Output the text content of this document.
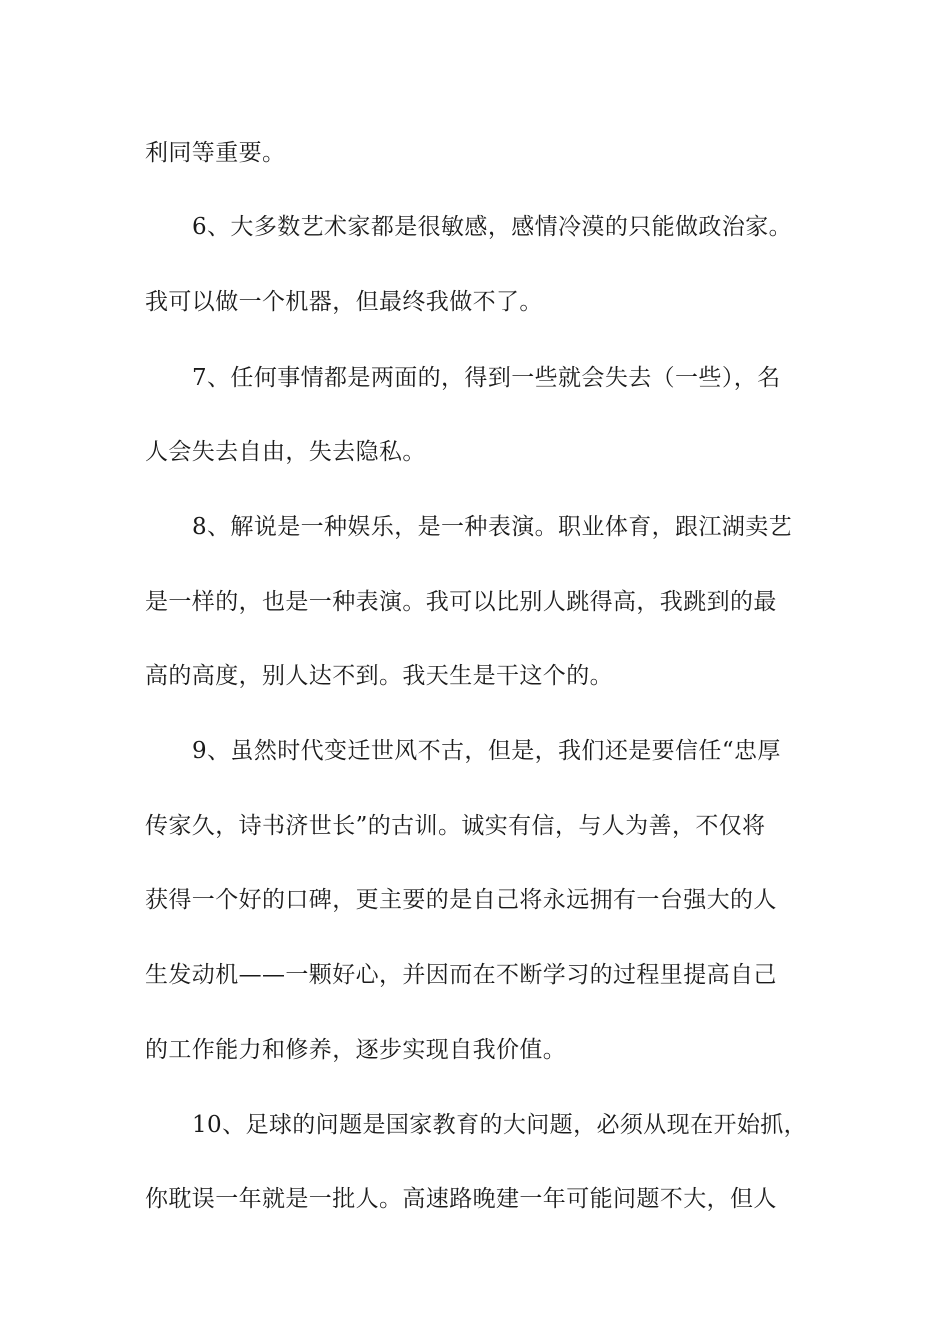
利同等重要。
6、大多数艺术家都是很敏感，感情冷漠的只能做政治家。
我可以做一个机器，但最终我做不了。
7、任何事情都是两面的，得到一些就会失去（一些），名
人会失去自由，失去隐私。
8、解说是一种娱乐，是一种表演。职业体育，跟江湖卖艺
是一样的，也是一种表演。我可以比别人跳得高，我跳到的最
高的高度，别人达不到。我天生是干这个的。
9、虽然时代变迁世风不古，但是，我们还是要信任“忠厚
传家久，诗书济世长”的古训。诚实有信，与人为善，不仅将
获得一个好的口碑，更主要的是自己将永远拥有一台强大的人
生发动机——一颗好心，并因而在不断学习的过程里提高自己
的工作能力和修养，逐步实现自我价值。
10、足球的问题是国家教育的大问题，必须从现在开始抓，
你耽误一年就是一批人。高速路晚建一年可能问题不大，但人
